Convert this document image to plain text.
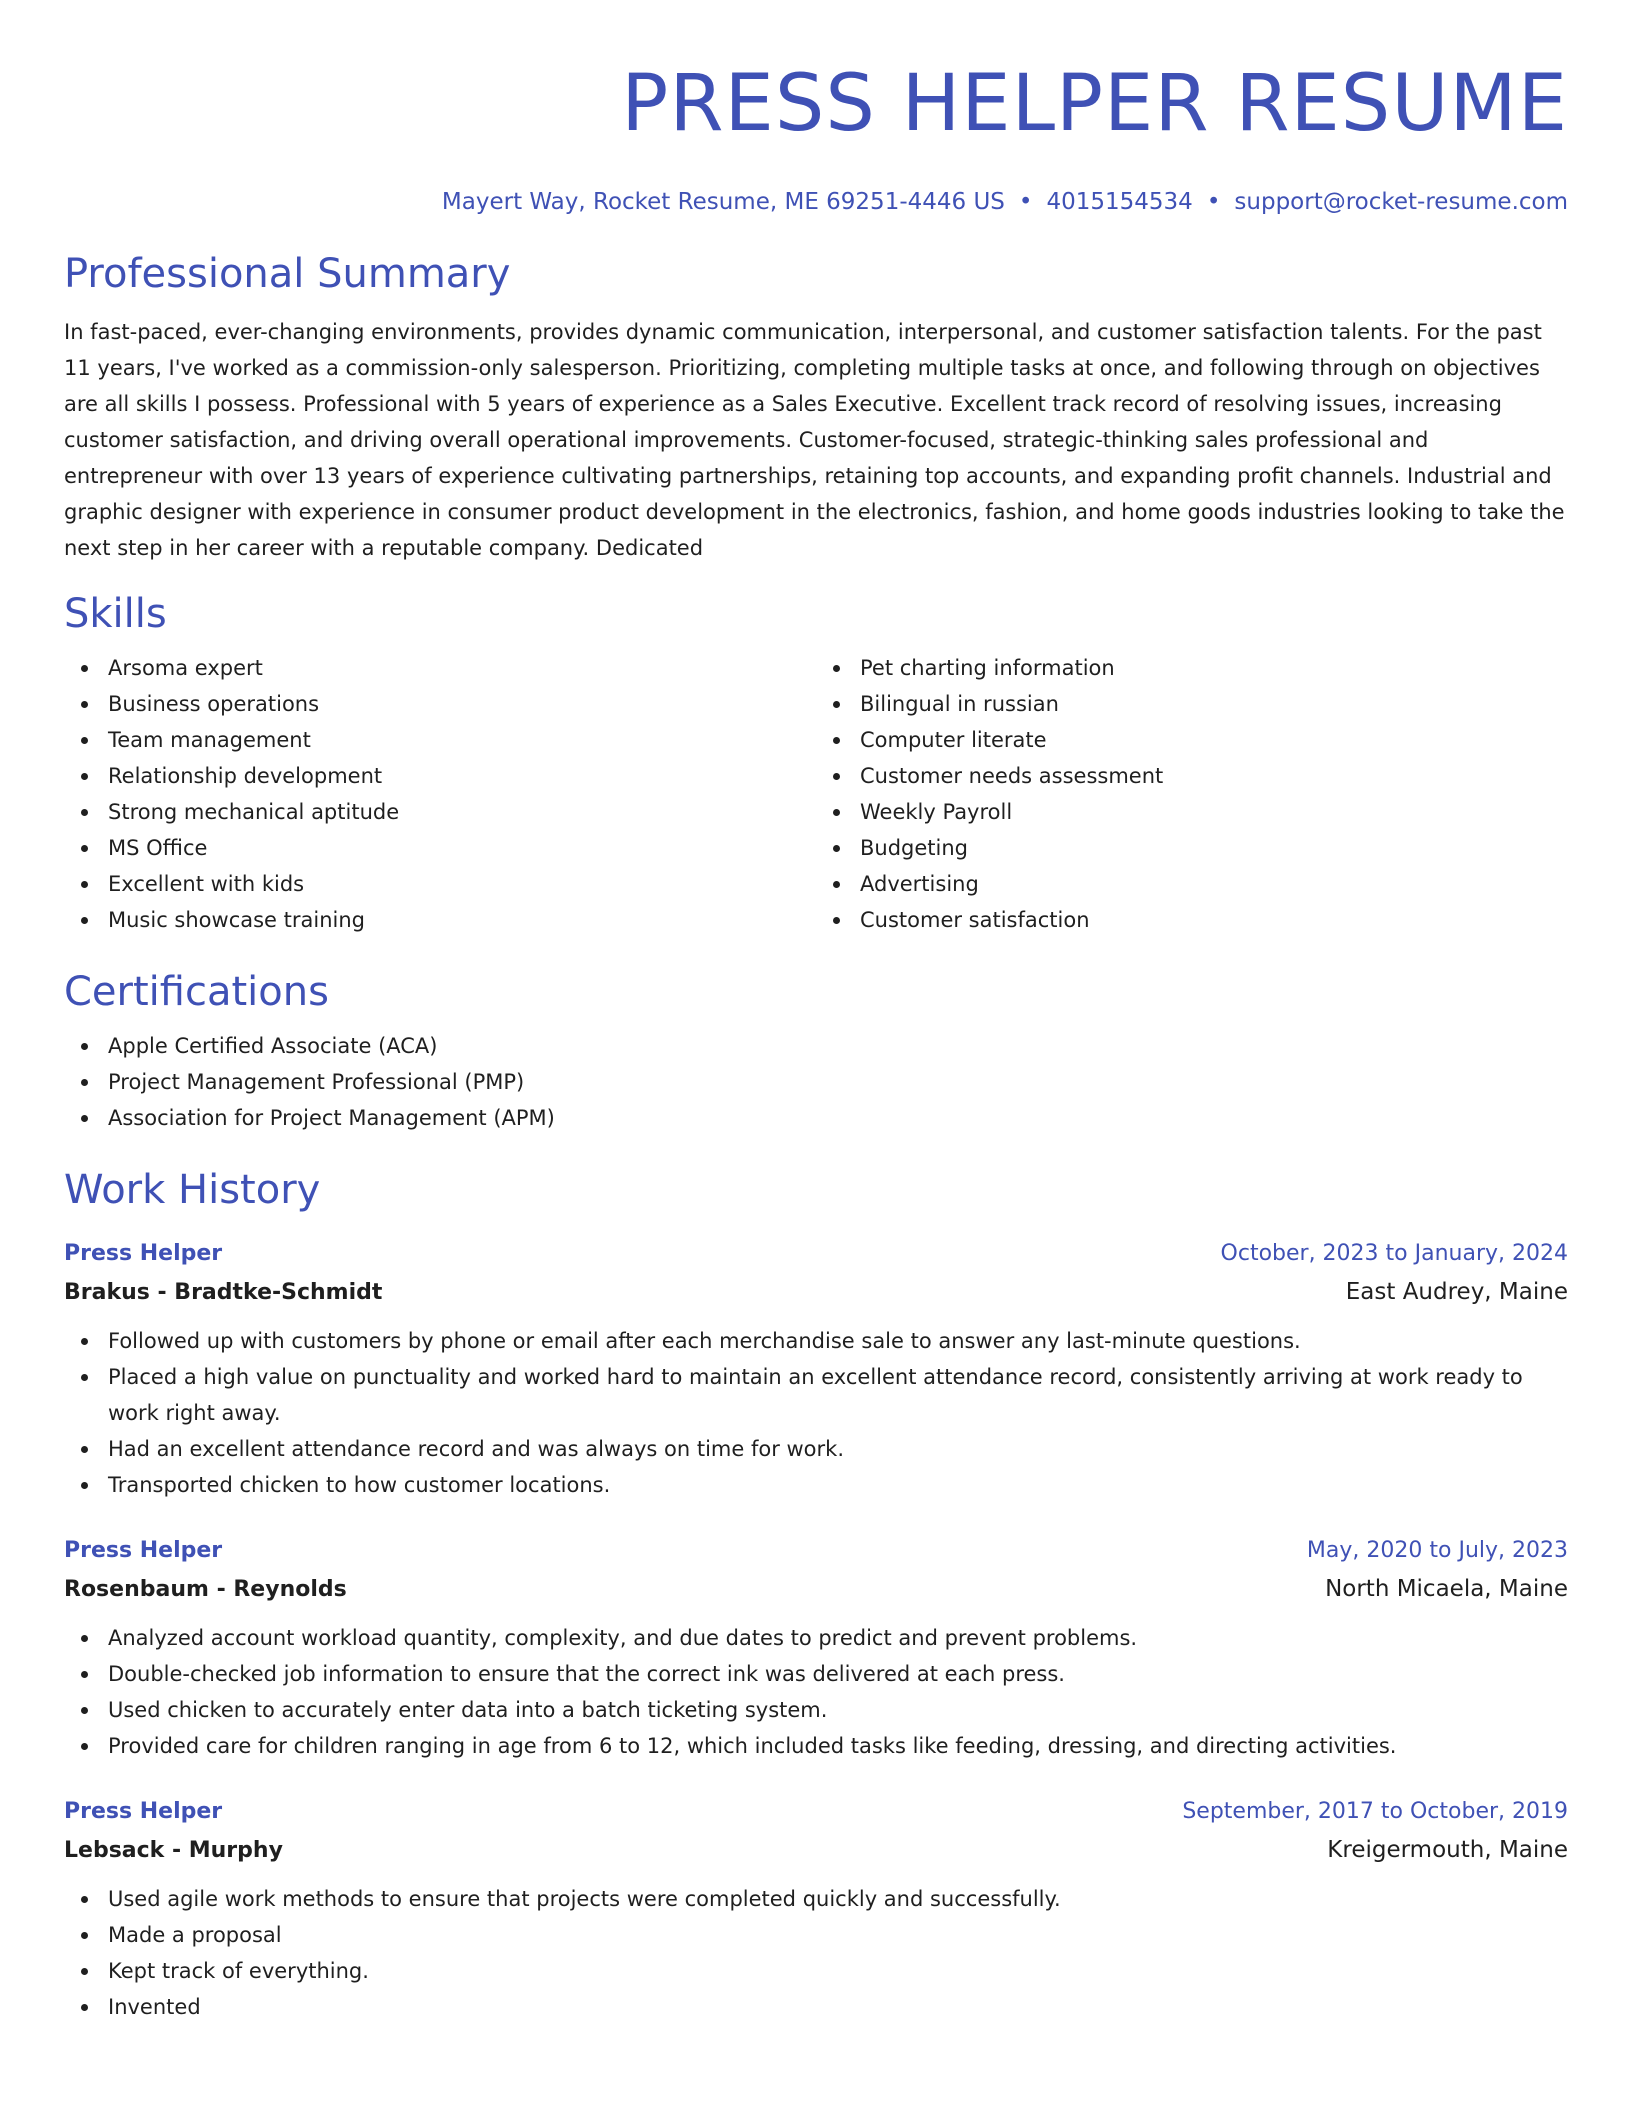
PRESS HELPER RESUME
Mayert Way, Rocket Resume, ME 69251-4446 US • 4015154534 • support@rocket-resume.com
Professional Summary
In fast-paced, ever-changing environments, provides dynamic communication, interpersonal, and customer satisfaction talents. For the past 11 years, I've worked as a commission-only salesperson. Prioritizing, completing multiple tasks at once, and following through on objectives are all skills I possess. Professional with 5 years of experience as a Sales Executive. Excellent track record of resolving issues, increasing customer satisfaction, and driving overall operational improvements. Customer-focused, strategic-thinking sales professional and entrepreneur with over 13 years of experience cultivating partnerships, retaining top accounts, and expanding profit channels. Industrial and graphic designer with experience in consumer product development in the electronics, fashion, and home goods industries looking to take the next step in her career with a reputable company. Dedicated
Skills
Arsoma expert
Business operations
Team management
Relationship development
Strong mechanical aptitude
MS Office
Excellent with kids
Music showcase training
Pet charting information
Bilingual in russian
Computer literate
Customer needs assessment
Weekly Payroll
Budgeting
Advertising
Customer satisfaction
Certifications
Apple Certified Associate (ACA)
Project Management Professional (PMP)
Association for Project Management (APM)
Work History
Press Helper	October, 2023 to January, 2024
Brakus - Bradtke-Schmidt	East Audrey, Maine
Followed up with customers by phone or email after each merchandise sale to answer any last-minute questions.
Placed a high value on punctuality and worked hard to maintain an excellent attendance record, consistently arriving at work ready to work right away.
Had an excellent attendance record and was always on time for work.
Transported chicken to how customer locations.
Press Helper	May, 2020 to July, 2023
Rosenbaum - Reynolds	North Micaela, Maine
Analyzed account workload quantity, complexity, and due dates to predict and prevent problems.
Double-checked job information to ensure that the correct ink was delivered at each press.
Used chicken to accurately enter data into a batch ticketing system.
Provided care for children ranging in age from 6 to 12, which included tasks like feeding, dressing, and directing activities.
Press Helper	September, 2017 to October, 2019
Lebsack - Murphy	Kreigermouth, Maine
Used agile work methods to ensure that projects were completed quickly and successfully.
Made a proposal
Kept track of everything.
Invented
